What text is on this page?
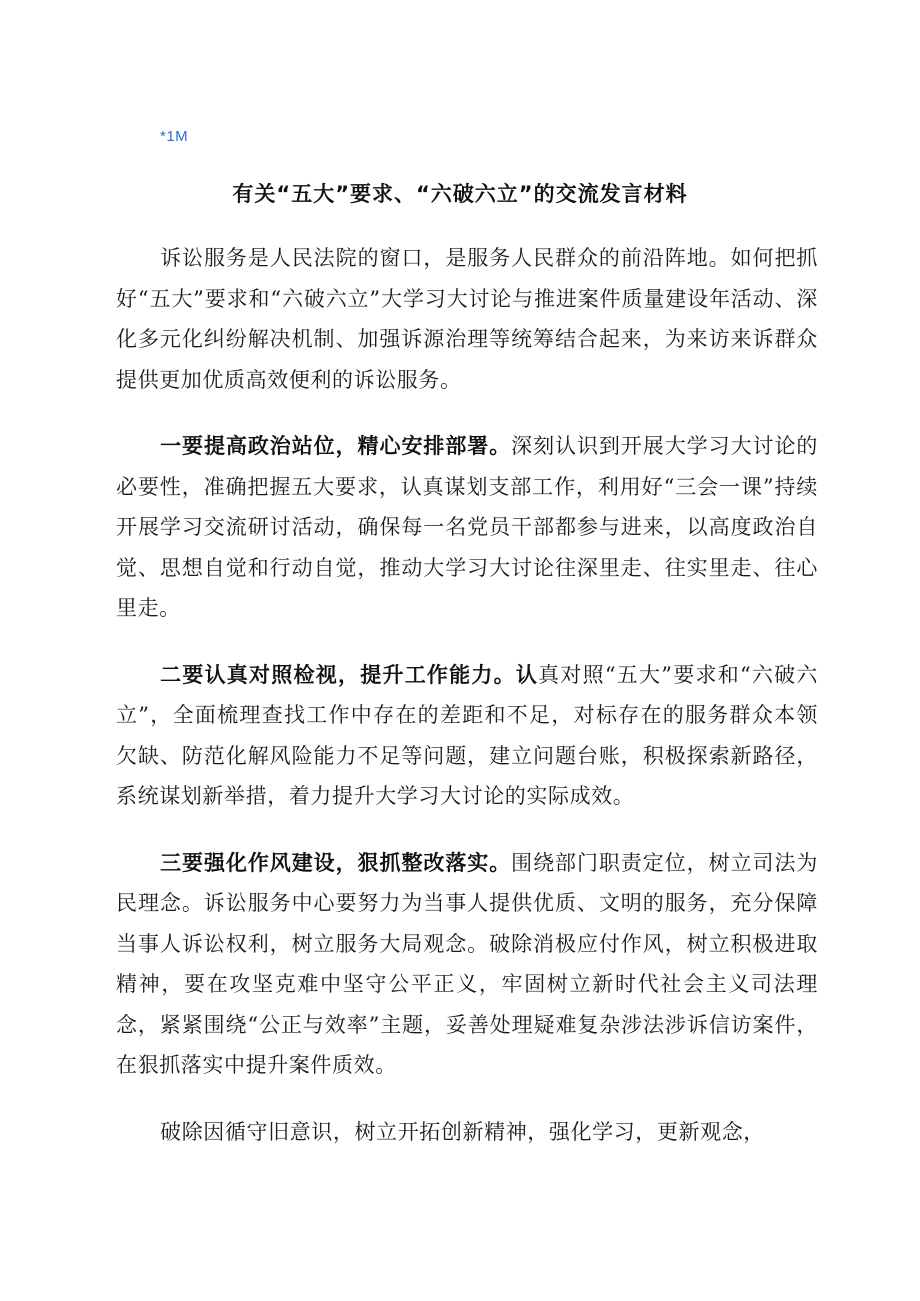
*1M
有关“五大”要求、“六破六立”的交流发言材料

诉讼服务是人民法院的窗口，是服务人民群众的前沿阵地。如何把抓好“五大”要求和“六破六立”大学习大讨论与推进案件质量建设年活动、深化多元化纠纷解决机制、加强诉源治理等统筹结合起来，为来访来诉群众提供更加优质高效便利的诉讼服务。

一要提高政治站位，精心安排部署。深刻认识到开展大学习大讨论的必要性，准确把握五大要求，认真谋划支部工作，利用好“三会一课”持续开展学习交流研讨活动，确保每一名党员干部都参与进来，以高度政治自觉、思想自觉和行动自觉，推动大学习大讨论往深里走、往实里走、往心里走。

二要认真对照检视，提升工作能力。认真对照“五大”要求和“六破六立”，全面梳理查找工作中存在的差距和不足，对标存在的服务群众本领欠缺、防范化解风险能力不足等问题，建立问题台账，积极探索新路径，系统谋划新举措，着力提升大学习大讨论的实际成效。

三要强化作风建设，狠抓整改落实。围绕部门职责定位，树立司法为民理念。诉讼服务中心要努力为当事人提供优质、文明的服务，充分保障当事人诉讼权利，树立服务大局观念。破除消极应付作风，树立积极进取精神，要在攻坚克难中坚守公平正义，牢固树立新时代社会主义司法理念，紧紧围绕“公正与效率”主题，妥善处理疑难复杂涉法涉诉信访案件，在狠抓落实中提升案件质效。

破除因循守旧意识，树立开拓创新精神，强化学习，更新观念，
